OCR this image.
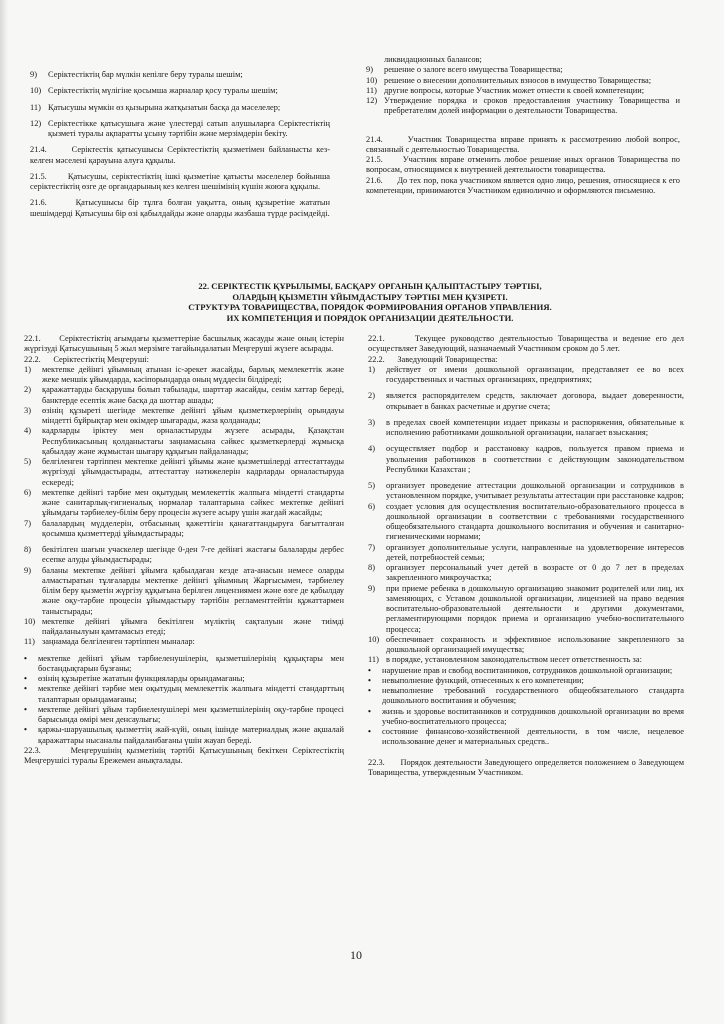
9)	Серіктестіктің бар мүлкін кепілге беру туралы шешім;
10) Серіктестіктің мүлігіне қосымша жарналар қосу туралы шешім;
11) Қатысушы мүмкін өз қызырына жатқызатын басқа да мәселелер;
12) Серіктестікке қатысушыға және үлестерді сатып алушыларға Серіктестіктің қызметі туралы ақпаратты ұсыну тәртібін және мерзімдерін бекіту.

21.4.      Серіктестік қатысушысы Серіктестіктің қызметімен байланысты кез-келген мәселені қарауына алуға құқылы.

21.5.      Қатысушы, серіктестіктің ішкі қызметіне қатысты мәселелер бойынша серіктестіктің өзге де органдарының кез келген шешімінің күшін жоюға құқылы.

21.6.      Қатысушысы бір тұлға болған уақытта, оның құзыретіне жататын шешімдерді Қатысушы бір өзі қабылдайды және оларды жазбаша түрде рәсімдейді.

ликвидационных балансов;
9)	решение о залоге всего имущества Товарищества;
10) решение о внесении дополнительных взносов в имущество Товарищества;
11) другие вопросы, которые Участник может отнести к своей компетенции;
12) Утверждение порядка и сроков предоставления участнику Товарищества и пребретателям долей информации о деятельности Товарищества.

21.4.      Участник Товарищества вправе принять к рассмотрению любой вопрос, связанный с деятельностью Товарищества.

21.5.      Участник вправе отменить любое решение иных органов Товарищества по вопросам, относящимся к внутренней деятельности товарищества.

21.6.      До тех пор, пока участником является одно лицо, решения, относящиеся к его компетенции, принимаются Участником единолично и оформляются письменно.

22. СЕРІКТЕСТІК ҚҰРЫЛЫМЫ, БАСҚАРУ ОРГАНЫН ҚАЛЫПТАСТЫРУ ТӘРТІБІ,
ОЛАРДЫҢ ҚЫЗМЕТІН ҰЙЫМДАСТЫРУ ТӘРТІБІ МЕН ҚҰЗІРЕТІ.
СТРУКТУРА ТОВАРИЩЕСТВА, ПОРЯДОК ФОРМИРОВАНИЯ ОРГАНОВ УПРАВЛЕНИЯ.
ИХ КОМПЕТЕНЦИЯ И ПОРЯДОК ОРГАНИЗАЦИИ ДЕЯТЕЛЬНОСТИ.

22.1.      Серіктестіктің ағымдағы қызметтеріне басшылық жасауды және оның істерін жүргізуді Қатысушының 5 жыл мерзімге тағайындалатын Меңгеруші жүзеге асырады.

22.2.      Серіктестіктің Меңгеруші:

1)	мектепке дейінгі ұйымның атынан іс-әрекет жасайды, барлық мемлекеттік және жеке меншік ұйымдарда, кәсіпорындарда оның мүддесін білдіреді;
2)	қаражаттарды басқарушы болып табылады, шарттар жасайды, сенім хаттар береді, банктерде есептік және басқа да шоттар ашады;
3)	өзінің құзыреті шегінде мектепке дейінгі ұйым қызметкерлерінің орындауы міндетті бұйрықтар мен өкімдер шығарады, жаза қолданады;
4)	кадрларды іріктеу мен орналастыруды жүзеге асырады, Қазақстан Республикасының қолданыстағы заңнамасына сәйкес қызметкерлерді жұмысқа қабылдау және жұмыстан шығару құқығын пайдаланады;
5)	белгіленген тәртіппен мектепке дейінгі ұйымы және қызметшілерді аттестаттауды жүргізуді ұйымдастырады, аттестаттау нәтижелерін кадрларды орналастыруда ескереді;
6)	мектепке дейінгі тәрбие мен оқытудың мемлекеттік жалпыға міндетті стандарты және санитарлық-гигиеналық нормалар талаптарына сәйкес мектепке дейінгі ұйымдағы тәрбиелеу-білім беру процесін жүзеге асыру үшін жағдай жасайды;
7)	балалардың мүдделерін, отбасының қажеттігін қанағаттандыруға бағытталған қосымша қызметтерді ұйымдастырады;
8)	бекітілген шағын учаскелер шегінде 0-ден 7-ге дейінгі жастағы балаларды дербес есепке алуды ұйымдастырады;
9)	баланы мектепке дейінгі ұйымға қабылдаған кезде ата-анасын немесе оларды алмастыратын тұлғаларды мектепке дейінгі ұйымның Жарғысымен, тәрбиелеу білім беру қызметін жүргізу құқығына берілген лицензиямен және өзге де қабылдау және оқу-тәрбие процесін ұйымдастыру тәртібін регламенттейтін құжаттармен таныстырады;
10) мектепке дейінгі ұйымға бекітілген мүліктің сақталуын және тиімді пайдаланылуын қамтамасыз етеді;
11) заңнамада белгіленген тәртіппен мыналар:
•	мектепке дейінгі ұйым тәрбиеленушілерін, қызметшілерінің құқықтары мен бостандықтарын бұзғаны;
•	өзінің құзыретіне жататын функцияларды орындамағаны;
•	мектепке дейінгі тәрбие мен оқытудың мемлекеттік жалпыға міндетті стандарттың талаптарын орындамағаны;
•	мектепке дейінгі ұйым тәрбиеленушілері мен қызметшілерінің оқу-тәрбие процесі барысында өмірі мен денсаулығы;
•	қаржы-шаруашылық қызметтің жай-күйі, оның ішінде материалдық және ақшалай қаражаттары нысаналы пайдаланбағаны үшін жауап береді.

22.3.      Меңгерушінің қызметінің тәртібі Қатысушының бекіткен Серіктестіктің Меңгерушісі туралы Ережемен анықталады.

22.1.      Текущее руководство деятельностью Товарищества и ведение его дел осуществляет Заведующий, назначаемый Участником сроком до 5 лет.

22.2.      Заведующий Товарищества:

1)	действует от имени дошкольной организации, представляет ее во всех государственных и частных организациях, предприятиях;
2)	является распорядителем средств, заключает договора, выдает доверенности, открывает в банках расчетные и другие счета;
3)	в пределах своей компетенции издает приказы и распоряжения, обязательные к исполнению работниками дошкольной организации, налагает взыскания;
4)	осуществляет подбор и расстановку кадров, пользуется правом приема и увольнения работников в соответствии с действующим законодательством Республики Казахстан ;
5)	организует проведение аттестации дошкольной организации и сотрудников в установленном порядке, учитывает результаты аттестации при расстановке кадров;
6)	создает условия для осуществления воспитательно-образовательного процесса в дошкольной организации в соответствии с требованиями государственного общеобязательного стандарта дошкольного воспитания и обучения и санитарно-гигиеническими нормами;
7)	организует дополнительные услуги, направленные на удовлетворение интересов детей, потребностей семьи;
8)	организует персональный учет детей в возрасте от 0 до 7 лет в пределах закрепленного микроучастка;
9)	при приеме ребенка в дошкольную организацию знакомит родителей или лиц, их заменяющих, с Уставом дошкольной организации, лицензией на право ведения воспитательно-образовательной деятельности и другими документами, регламентирующими порядок приема и организацию учебно-воспитательного процесса;
10) обеспечивает сохранность и эффективное использование закрепленного за дошкольной организацией имущества;
11) в порядке, установленном законодательством несет ответственность за:
•	нарушение прав и свобод воспитанников, сотрудников дошкольной организации;
•	невыполнение функций, отнесенных к его компетенции;
•	невыполнение требований государственного общеобязательного стандарта дошкольного воспитания и обучения;
•	жизнь и здоровье воспитанников и сотрудников дошкольной организации во время учебно-воспитательного процесса;
•	состояние финансово-хозяйственной деятельности, в том числе, нецелевое использование денег и материальных средств..

22.3.      Порядок деятельности Заведующего определяется положением о Заведующем Товарищества, утвержденным Участником.

10
